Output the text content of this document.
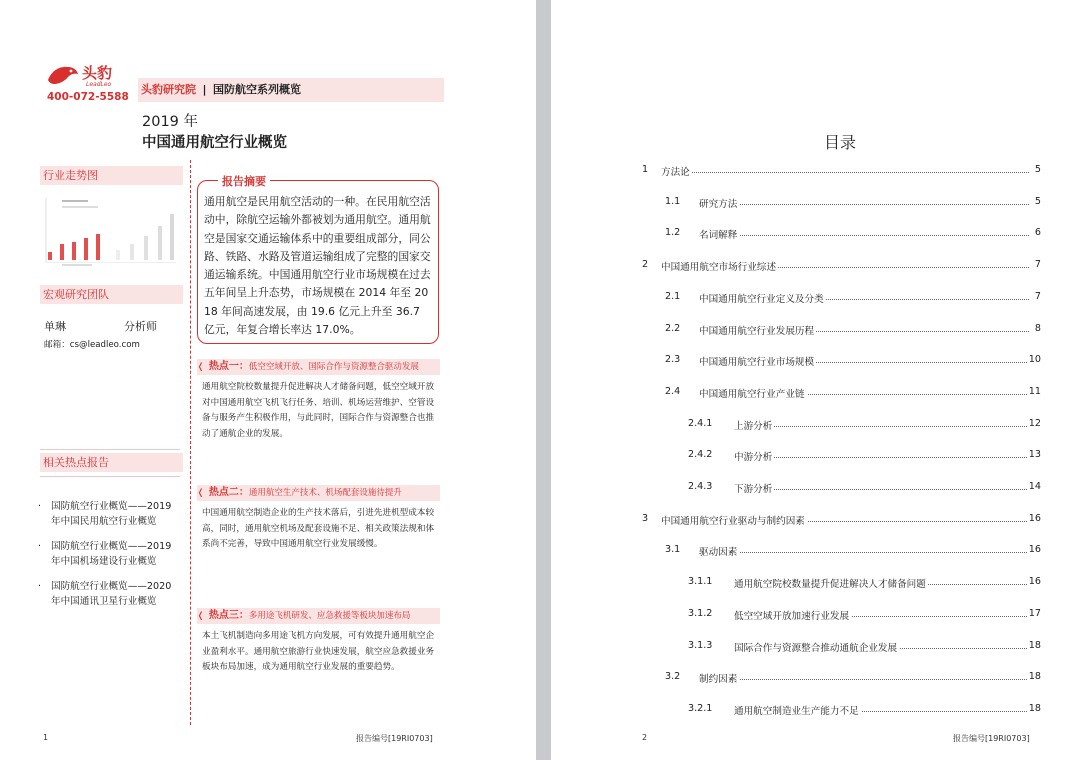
头豹
LeadLeo
400-072-5588
头豹研究院 | 国防航空系列概览
2019 年
中国通用航空行业概览
行业走势图
宏观研究团队
单琳	分析师
邮箱：cs@leadleo.com
相关热点报告
·	国防航空行业概览——2019
年中国民用航空行业概览
·	国防航空行业概览——2019
年中国机场建设行业概览
·	国防航空行业概览——2020
年中国通讯卫星行业概览
报告摘要
通用航空是民用航空活动的一种。在民用航空活动中，除航空运输外都被划为通用航空。通用航空是国家交通运输体系中的重要组成部分，同公路、铁路、水路及管道运输组成了完整的国家交通运输系统。中国通用航空行业市场规模在过去五年间呈上升态势，市场规模在 2014 年至 2018 年间高速发展，由 19.6 亿元上升至 36.7 亿元，年复合增长率达 17.0%。
❬ 热点一：低空空域开放、国际合作与资源整合驱动发展
通用航空院校数量提升促进解决人才储备问题，低空空域开放对中国通用航空飞机飞行任务、培训、机场运营维护、空管设备与服务产生积极作用，与此同时，国际合作与资源整合也推动了通航企业的发展。
❬ 热点二：通用航空生产技术、机场配套设施待提升
中国通用航空制造企业的生产技术落后，引进先进机型成本较高，同时，通用航空机场及配套设施不足、相关政策法规和体系尚不完善，导致中国通用航空行业发展缓慢。
❬ 热点三：多用途飞机研发、应急救援等板块加速布局
本土飞机制造向多用途飞机方向发展，可有效提升通用航空企业盈利水平。通用航空旅游行业快速发展，航空应急救援业务板块布局加速，成为通用航空行业发展的重要趋势。
1	报告编号[19RI0703]
目录
1 方法论	5
1.1 研究方法	5
1.2 名词解释	6
2 中国通用航空市场行业综述	7
2.1 中国通用航空行业定义及分类	7
2.2 中国通用航空行业发展历程	8
2.3 中国通用航空行业市场规模	10
2.4 中国通用航空行业产业链	11
2.4.1 上游分析	12
2.4.2 中游分析	13
2.4.3 下游分析	14
3 中国通用航空行业驱动与制约因素	16
3.1 驱动因素	16
3.1.1 通用航空院校数量提升促进解决人才储备问题	16
3.1.2 低空空域开放加速行业发展	17
3.1.3 国际合作与资源整合推动通航企业发展	18
3.2 制约因素	18
3.2.1 通用航空制造业生产能力不足	18
2	报告编号[19RI0703]
